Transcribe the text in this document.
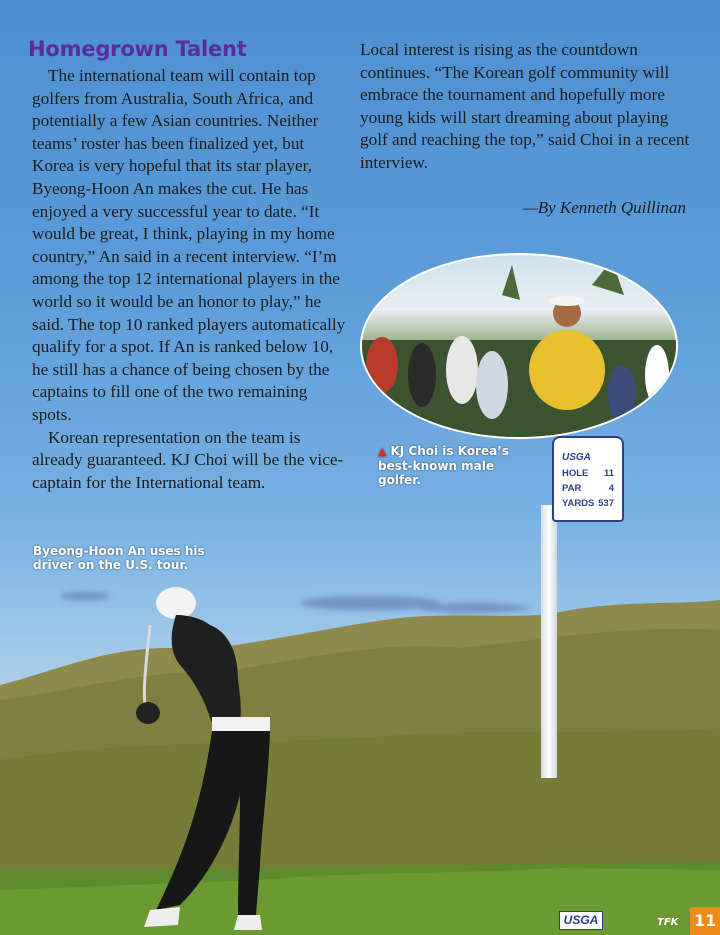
USGA
HOLE 11
PAR	4
YARDS 537
Homegrown Talent

The international team will contain top golfers from Australia, South Africa, and potentially a few Asian countries. Neither teams’ roster has been finalized yet, but Korea is very hopeful that its star player, Byeong-Hoon An makes the cut. He has enjoyed a very successful year to date. “It would be great, I think, playing in my home country,” An said in a recent interview. “I’m among the top 12 international players in the world so it would be an honor to play,” he said. The top 10 ranked players automatically qualify for a spot. If An is ranked below 10, he still has a chance of being chosen by the captains to fill one of the two remaining spots.

Korean representation on the team is already guaranteed. KJ Choi will be the vice-captain for the International team.

Local interest is rising as the countdown continues. “The Korean golf community will embrace the tournament and hopefully more young kids will start dreaming about playing golf and reaching the top,” said Choi in a recent interview.

—By Kenneth Quillinan
Byeong-Hoon An uses his driver on the U.S. tour.
▲ KJ Choi is Korea’s best-known male golfer.
USGA	TFK 11
